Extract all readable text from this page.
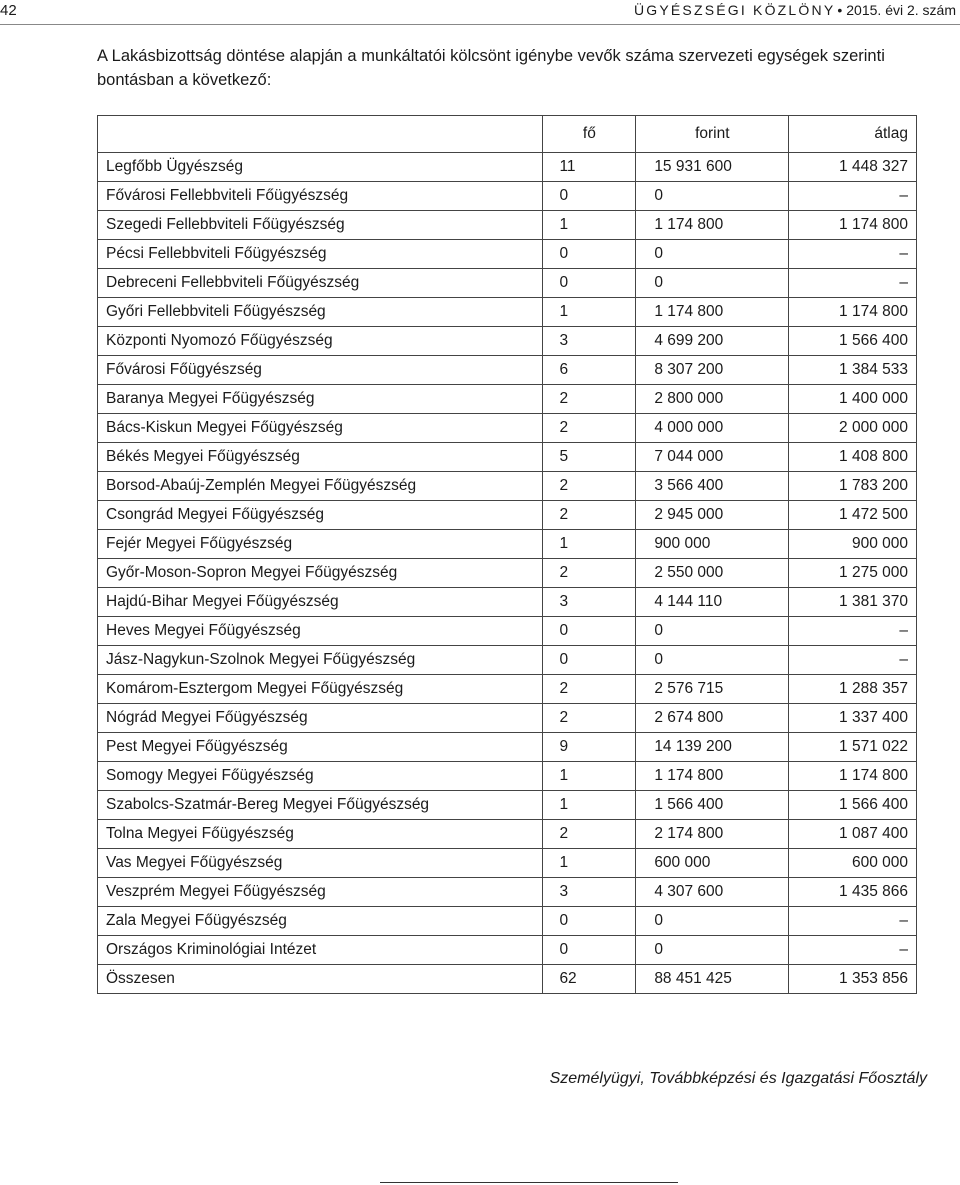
42	ÜGYÉSZSÉGI KÖZLÖNY • 2015. évi 2. szám

A Lakásbizottság döntése alapján a munkáltatói kölcsönt igénybe vevők száma szervezeti egységek szerinti bontásban a következő:

	fő	forint	átlag
Legfőbb Ügyészség	11	15 931 600	1 448 327
Fővárosi Fellebbviteli Főügyészség	0	0	–
Szegedi Fellebbviteli Főügyészség	1	1 174 800	1 174 800
Pécsi Fellebbviteli Főügyészség	0	0	–
Debreceni Fellebbviteli Főügyészség	0	0	–
Győri Fellebbviteli Főügyészség	1	1 174 800	1 174 800
Központi Nyomozó Főügyészség	3	4 699 200	1 566 400
Fővárosi Főügyészség	6	8 307 200	1 384 533
Baranya Megyei Főügyészség	2	2 800 000	1 400 000
Bács-Kiskun Megyei Főügyészség	2	4 000 000	2 000 000
Békés Megyei Főügyészség	5	7 044 000	1 408 800
Borsod-Abaúj-Zemplén Megyei Főügyészség	2	3 566 400	1 783 200
Csongrád Megyei Főügyészség	2	2 945 000	1 472 500
Fejér Megyei Főügyészség	1	900 000	900 000
Győr-Moson-Sopron Megyei Főügyészség	2	2 550 000	1 275 000
Hajdú-Bihar Megyei Főügyészség	3	4 144 110	1 381 370
Heves Megyei Főügyészség	0	0	–
Jász-Nagykun-Szolnok Megyei Főügyészség	0	0	–
Komárom-Esztergom Megyei Főügyészség	2	2 576 715	1 288 357
Nógrád Megyei Főügyészség	2	2 674 800	1 337 400
Pest Megyei Főügyészség	9	14 139 200	1 571 022
Somogy Megyei Főügyészség	1	1 174 800	1 174 800
Szabolcs-Szatmár-Bereg Megyei Főügyészség	1	1 566 400	1 566 400
Tolna Megyei Főügyészség	2	2 174 800	1 087 400
Vas Megyei Főügyészség	1	600 000	600 000
Veszprém Megyei Főügyészség	3	4 307 600	1 435 866
Zala Megyei Főügyészség	0	0	–
Országos Kriminológiai Intézet	0	0	–
Összesen	62	88 451 425	1 353 856
Személyügyi, Továbbképzési és Igazgatási Főosztály
